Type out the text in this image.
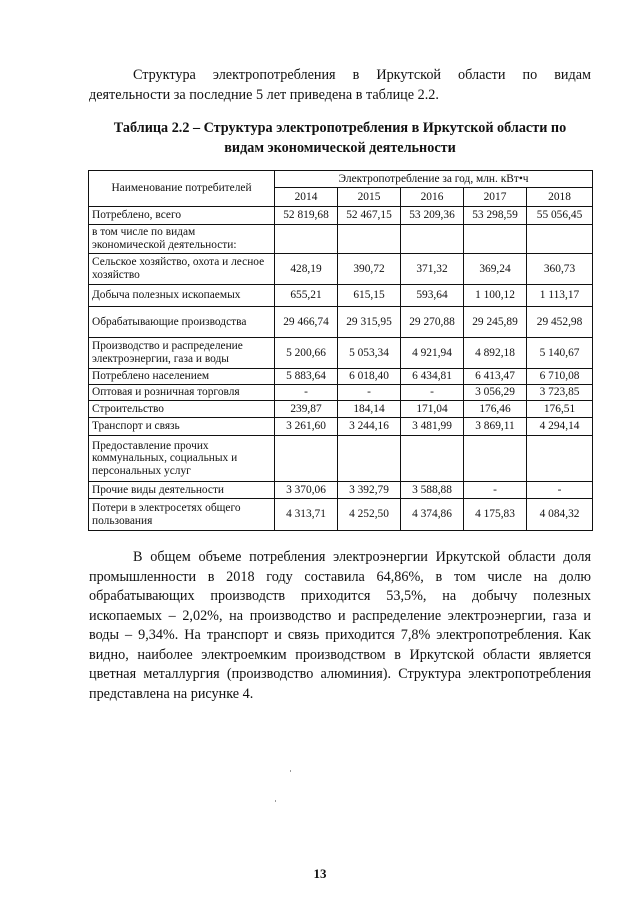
Структура электропотребления в Иркутской области по видам деятельности за последние 5 лет приведена в таблице 2.2.

Таблица 2.2 – Структура электропотребления в Иркутской области по
видам экономической деятельности
Наименование потребителей	Электропотребление за год, млн. кВт•ч				
	2014	2015	2016	2017	2018
Потреблено, всего	52 819,68	52 467,15	53 209,36	53 298,59	55 056,45
в том числе по видам экономической деятельности:					
Сельское хозяйство, охота и лесное хозяйство	428,19	390,72	371,32	369,24	360,73
Добыча полезных ископаемых	655,21	615,15	593,64	1 100,12	1 113,17
Обрабатывающие производства	29 466,74	29 315,95	29 270,88	29 245,89	29 452,98
Производство и распределение электроэнергии, газа и воды	5 200,66	5 053,34	4 921,94	4 892,18	5 140,67
Потреблено населением	5 883,64	6 018,40	6 434,81	6 413,47	6 710,08
Оптовая и розничная торговля	-	-	-	3 056,29	3 723,85
Строительство	239,87	184,14	171,04	176,46	176,51
Транспорт и связь	3 261,60	3 244,16	3 481,99	3 869,11	4 294,14
Предоставление прочих коммунальных, социальных и персональных услуг					
Прочие виды деятельности	3 370,06	3 392,79	3 588,88	-	-
Потери в электросетях общего пользования	4 313,71	4 252,50	4 374,86	4 175,83	4 084,32

В общем объеме потребления электроэнергии Иркутской области доля промышленности в 2018 году составила 64,86%, в том числе на долю обрабатывающих производств приходится 53,5%, на добычу полезных ископаемых – 2,02%, на производство и распределение электроэнергии, газа и воды – 9,34%. На транспорт и связь приходится 7,8% электропотребления. Как видно, наиболее электроемким производством в Иркутской области является цветная металлургия (производство алюминия). Структура электропотребления представлена на рисунке 4.

13
